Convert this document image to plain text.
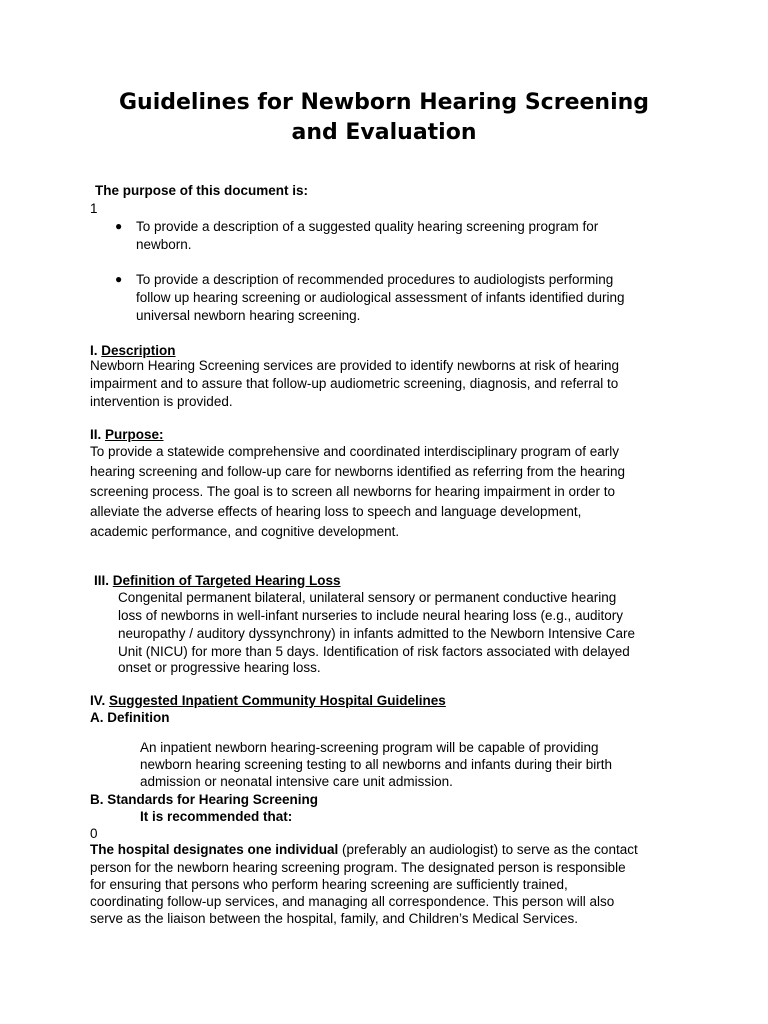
Guidelines for Newborn Hearing Screening
and Evaluation
The purpose of this document is:
1
● To provide a description of a suggested quality hearing screening program for
newborn.
● To provide a description of recommended procedures to audiologists performing
follow up hearing screening or audiological assessment of infants identified during
universal newborn hearing screening.
I. Description
Newborn Hearing Screening services are provided to identify newborns at risk of hearing
impairment and to assure that follow-up audiometric screening, diagnosis, and referral to
intervention is provided.
II. Purpose:
To provide a statewide comprehensive and coordinated interdisciplinary program of early
hearing screening and follow-up care for newborns identified as referring from the hearing
screening process. The goal is to screen all newborns for hearing impairment in order to
alleviate the adverse effects of hearing loss to speech and language development,
academic performance, and cognitive development.
III. Definition of Targeted Hearing Loss
Congenital permanent bilateral, unilateral sensory or permanent conductive hearing
loss of newborns in well-infant nurseries to include neural hearing loss (e.g., auditory
neuropathy / auditory dyssynchrony) in infants admitted to the Newborn Intensive Care
Unit (NICU) for more than 5 days. Identification of risk factors associated with delayed
onset or progressive hearing loss.
IV. Suggested Inpatient Community Hospital Guidelines
A. Definition
An inpatient newborn hearing-screening program will be capable of providing
newborn hearing screening testing to all newborns and infants during their birth
admission or neonatal intensive care unit admission.
B. Standards for Hearing Screening
It is recommended that:
0
The hospital designates one individual (preferably an audiologist) to serve as the contact
person for the newborn hearing screening program. The designated person is responsible
for ensuring that persons who perform hearing screening are sufficiently trained,
coordinating follow-up services, and managing all correspondence. This person will also
serve as the liaison between the hospital, family, and Children’s Medical Services.
